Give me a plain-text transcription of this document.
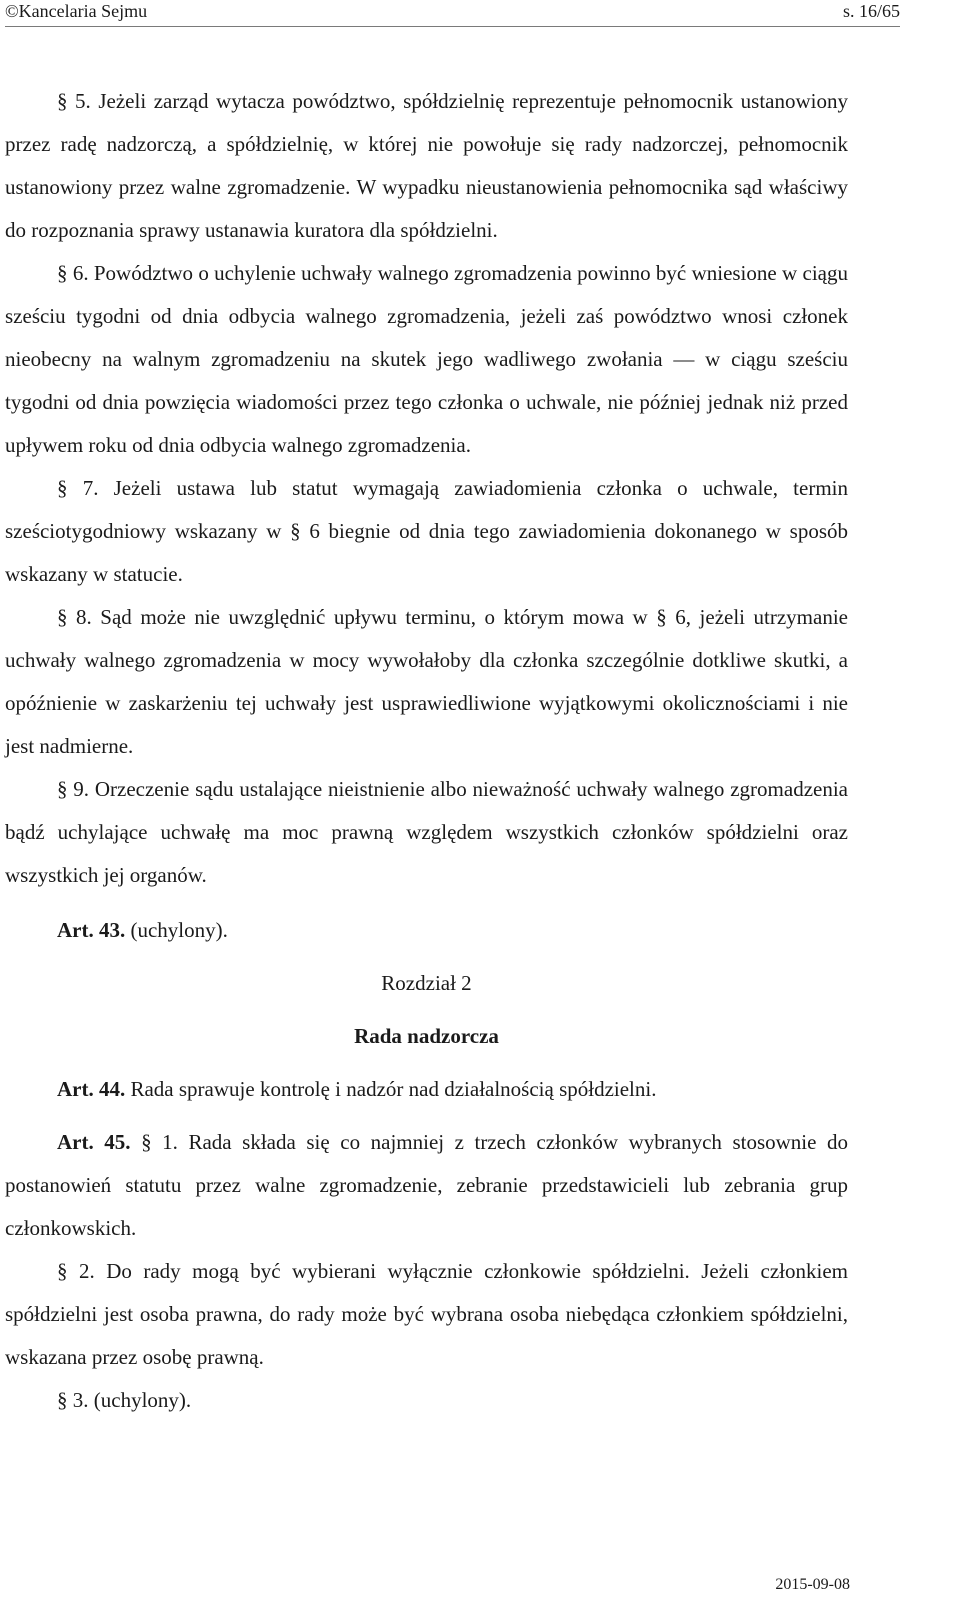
©Kancelaria Sejmu	s. 16/65

§ 5. Jeżeli zarząd wytacza powództwo, spółdzielnię reprezentuje pełnomocnik ustanowiony przez radę nadzorczą, a spółdzielnię, w której nie powołuje się rady nadzorczej, pełnomocnik ustanowiony przez walne zgromadzenie. W wypadku nieustanowienia pełnomocnika sąd właściwy do rozpoznania sprawy ustanawia kuratora dla spółdzielni.

§ 6. Powództwo o uchylenie uchwały walnego zgromadzenia powinno być wniesione w ciągu sześciu tygodni od dnia odbycia walnego zgromadzenia, jeżeli zaś powództwo wnosi członek nieobecny na walnym zgromadzeniu na skutek jego wadliwego zwołania — w ciągu sześciu tygodni od dnia powzięcia wiadomości przez tego członka o uchwale, nie później jednak niż przed upływem roku od dnia odbycia walnego zgromadzenia.

§ 7. Jeżeli ustawa lub statut wymagają zawiadomienia członka o uchwale, termin sześciotygodniowy wskazany w § 6 biegnie od dnia tego zawiadomienia dokonanego w sposób wskazany w statucie.

§ 8. Sąd może nie uwzględnić upływu terminu, o którym mowa w § 6, jeżeli utrzymanie uchwały walnego zgromadzenia w mocy wywołałoby dla członka szczególnie dotkliwe skutki, a opóźnienie w zaskarżeniu tej uchwały jest usprawiedliwione wyjątkowymi okolicznościami i nie jest nadmierne.

§ 9. Orzeczenie sądu ustalające nieistnienie albo nieważność uchwały walnego zgromadzenia bądź uchylające uchwałę ma moc prawną względem wszystkich członków spółdzielni oraz wszystkich jej organów.

Art. 43. (uchylony).
Rozdział 2
Rada nadzorcza
Art. 44. Rada sprawuje kontrolę i nadzór nad działalnością spółdzielni.
Art. 45. § 1. Rada składa się co najmniej z trzech członków wybranych stosownie do postanowień statutu przez walne zgromadzenie, zebranie przedstawicieli lub zebrania grup członkowskich.

§ 2. Do rady mogą być wybierani wyłącznie członkowie spółdzielni. Jeżeli członkiem spółdzielni jest osoba prawna, do rady może być wybrana osoba niebędąca członkiem spółdzielni, wskazana przez osobę prawną.

§ 3. (uchylony).

2015-09-08
